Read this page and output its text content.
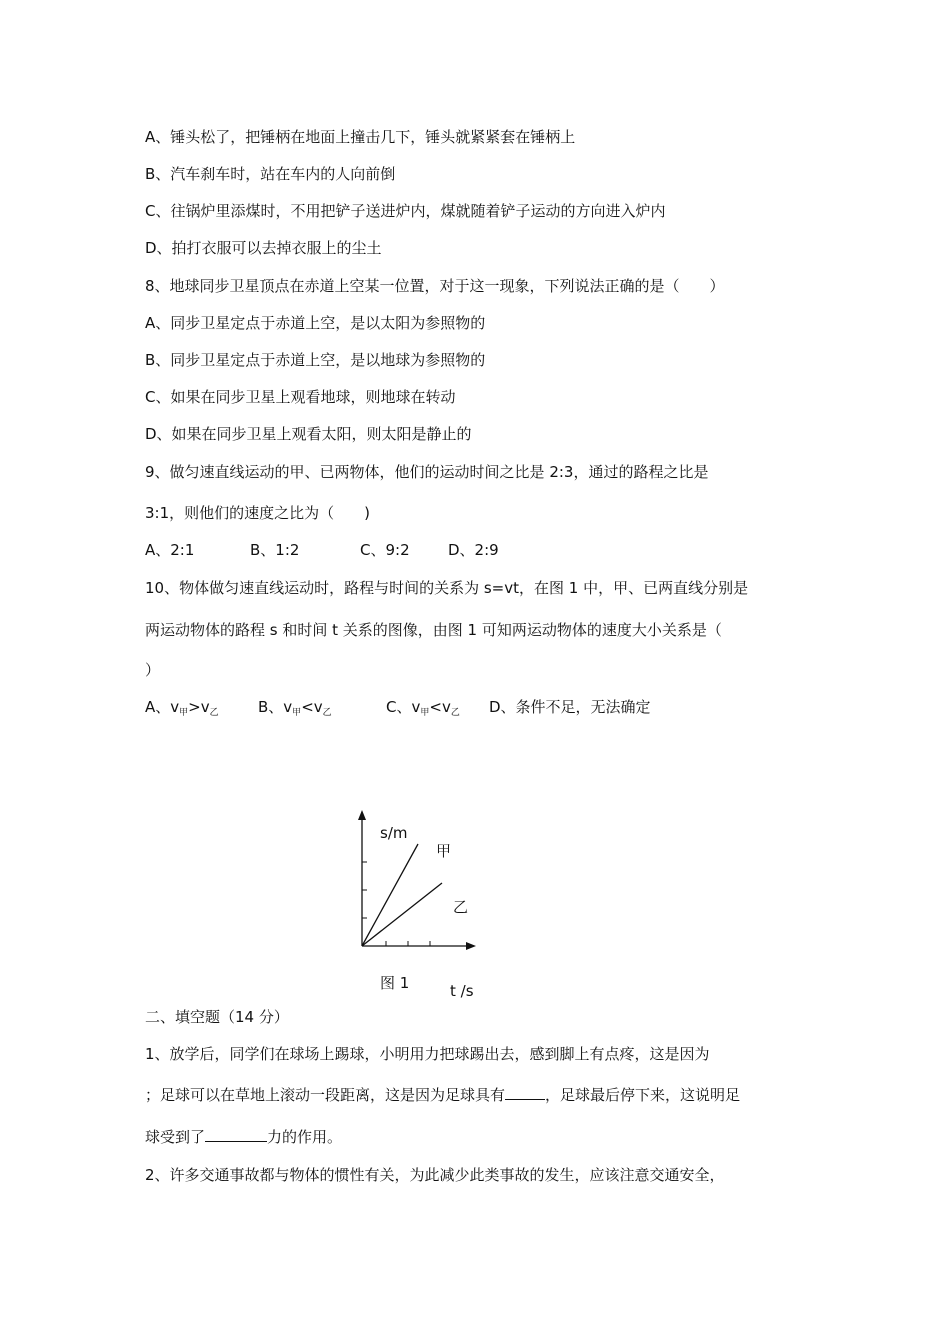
A、锤头松了，把锤柄在地面上撞击几下，锤头就紧紧套在锤柄上
B、汽车刹车时，站在车内的人向前倒
C、往锅炉里添煤时，不用把铲子送进炉内，煤就随着铲子运动的方向进入炉内
D、拍打衣服可以去掉衣服上的尘土
8、地球同步卫星顶点在赤道上空某一位置，对于这一现象，下列说法正确的是（　　）
A、同步卫星定点于赤道上空，是以太阳为参照物的
B、同步卫星定点于赤道上空，是以地球为参照物的
C、如果在同步卫星上观看地球，则地球在转动
D、如果在同步卫星上观看太阳，则太阳是静止的
9、做匀速直线运动的甲、已两物体，他们的运动时间之比是 2:3，通过的路程之比是
3:1，则他们的速度之比为（　　)
A、2:1	B、1:2	C、9:2	D、2:9
10、物体做匀速直线运动时，路程与时间的关系为 s=vt，在图 1 中，甲、已两直线分别是
两运动物体的路程 s 和时间 t 关系的图像，由图 1 可知两运动物体的速度大小关系是（
）
A、$v_甲>v_乙$	B、$v_甲<v_乙$	C、$v_甲<v_乙$ D、条件不足，无法确定
s/m
甲
乙
图 1	t /s
二、填空题（14 分）
1、放学后，同学们在球场上踢球，小明用力把球踢出去，感到脚上有点疼，这是因为
；足球可以在草地上滚动一段距离，这是因为足球具有	，足球最后停下来，这说明足
球受到了	力的作用。
2、许多交通事故都与物体的惯性有关，为此减少此类事故的发生，应该注意交通安全，
